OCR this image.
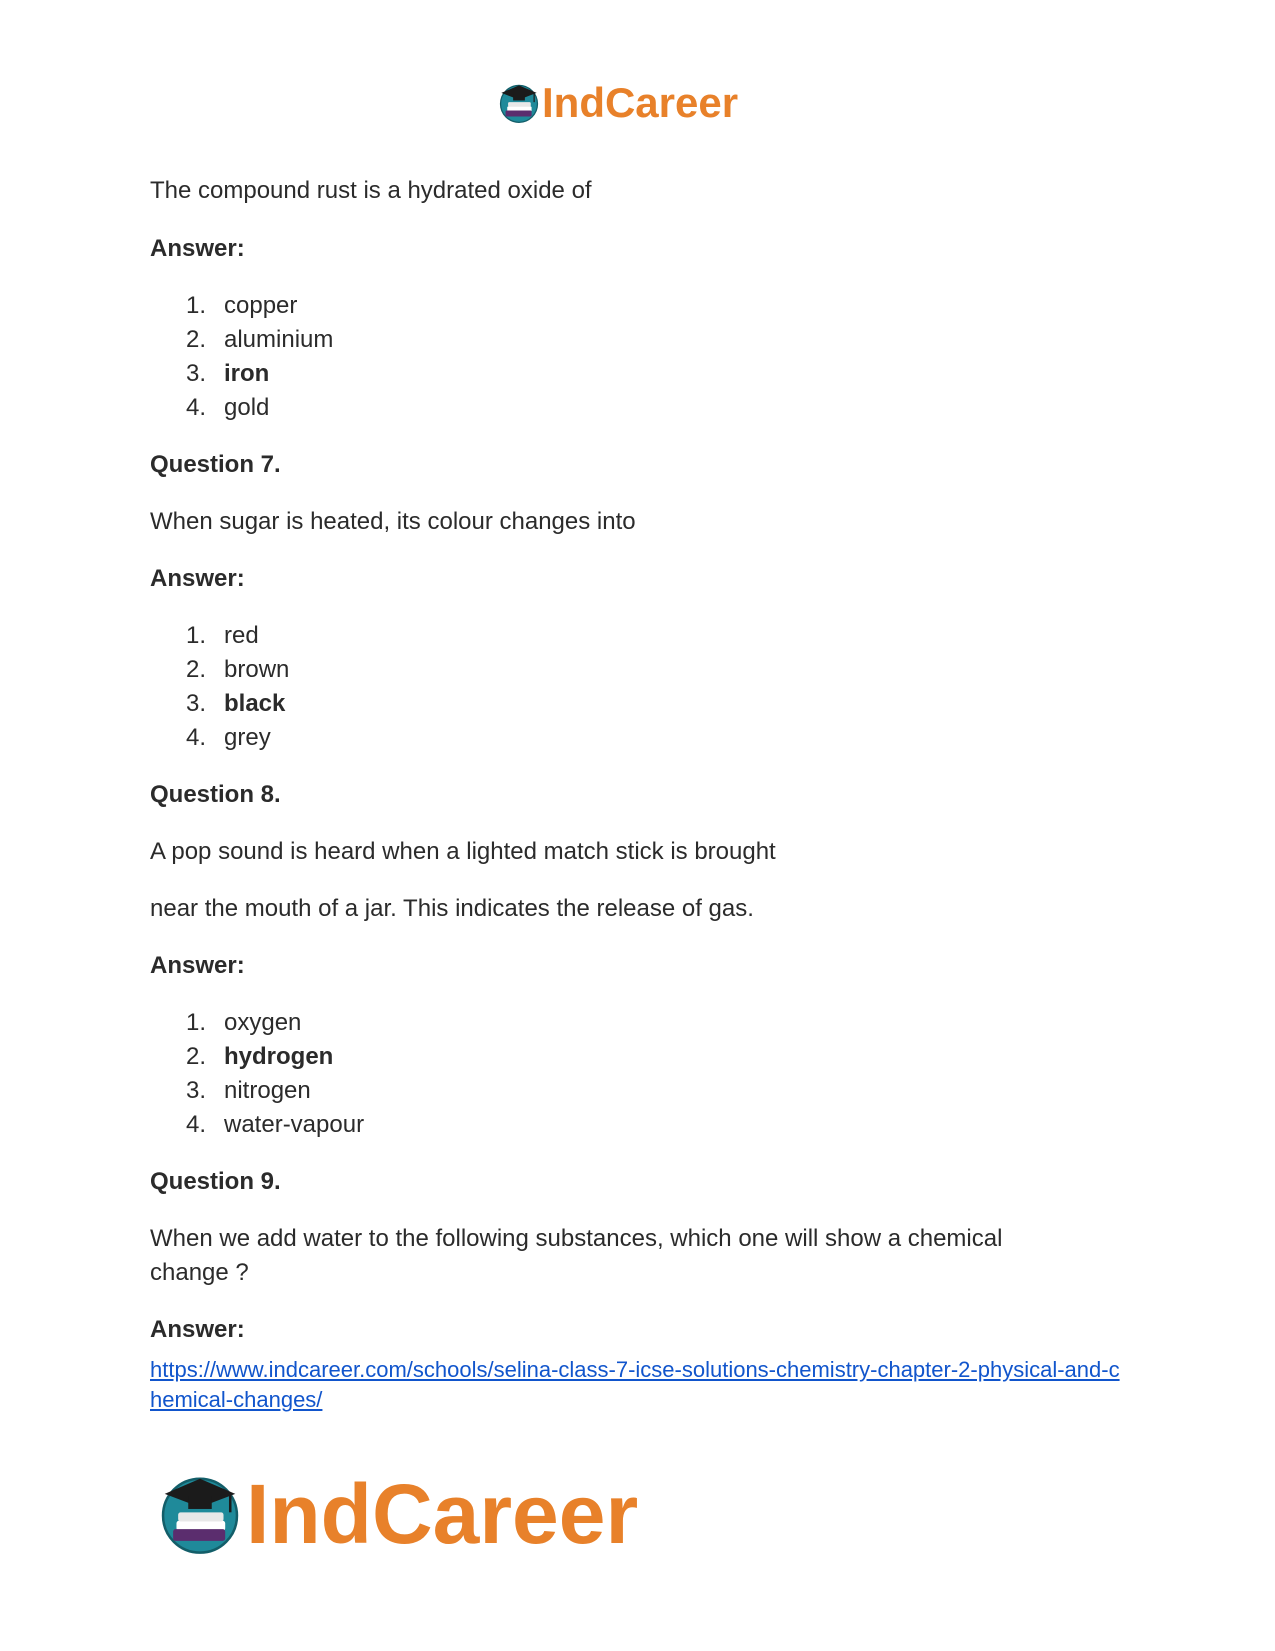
IndCareer

The compound rust is a hydrated oxide of

Answer:

1. copper
2. aluminium
3. iron
4. gold

Question 7.

When sugar is heated, its colour changes into

Answer:

1. red
2. brown
3. black
4. grey

Question 8.

A pop sound is heard when a lighted match stick is brought

near the mouth of a jar. This indicates the release of gas.

Answer:

1. oxygen
2. hydrogen
3. nitrogen
4. water-vapour

Question 9.

When we add water to the following substances, which one will show a chemical change ?

Answer:

https://www.indcareer.com/schools/selina-class-7-icse-solutions-chemistry-chapter-2-physical-and-chemical-changes/
IndCareer
